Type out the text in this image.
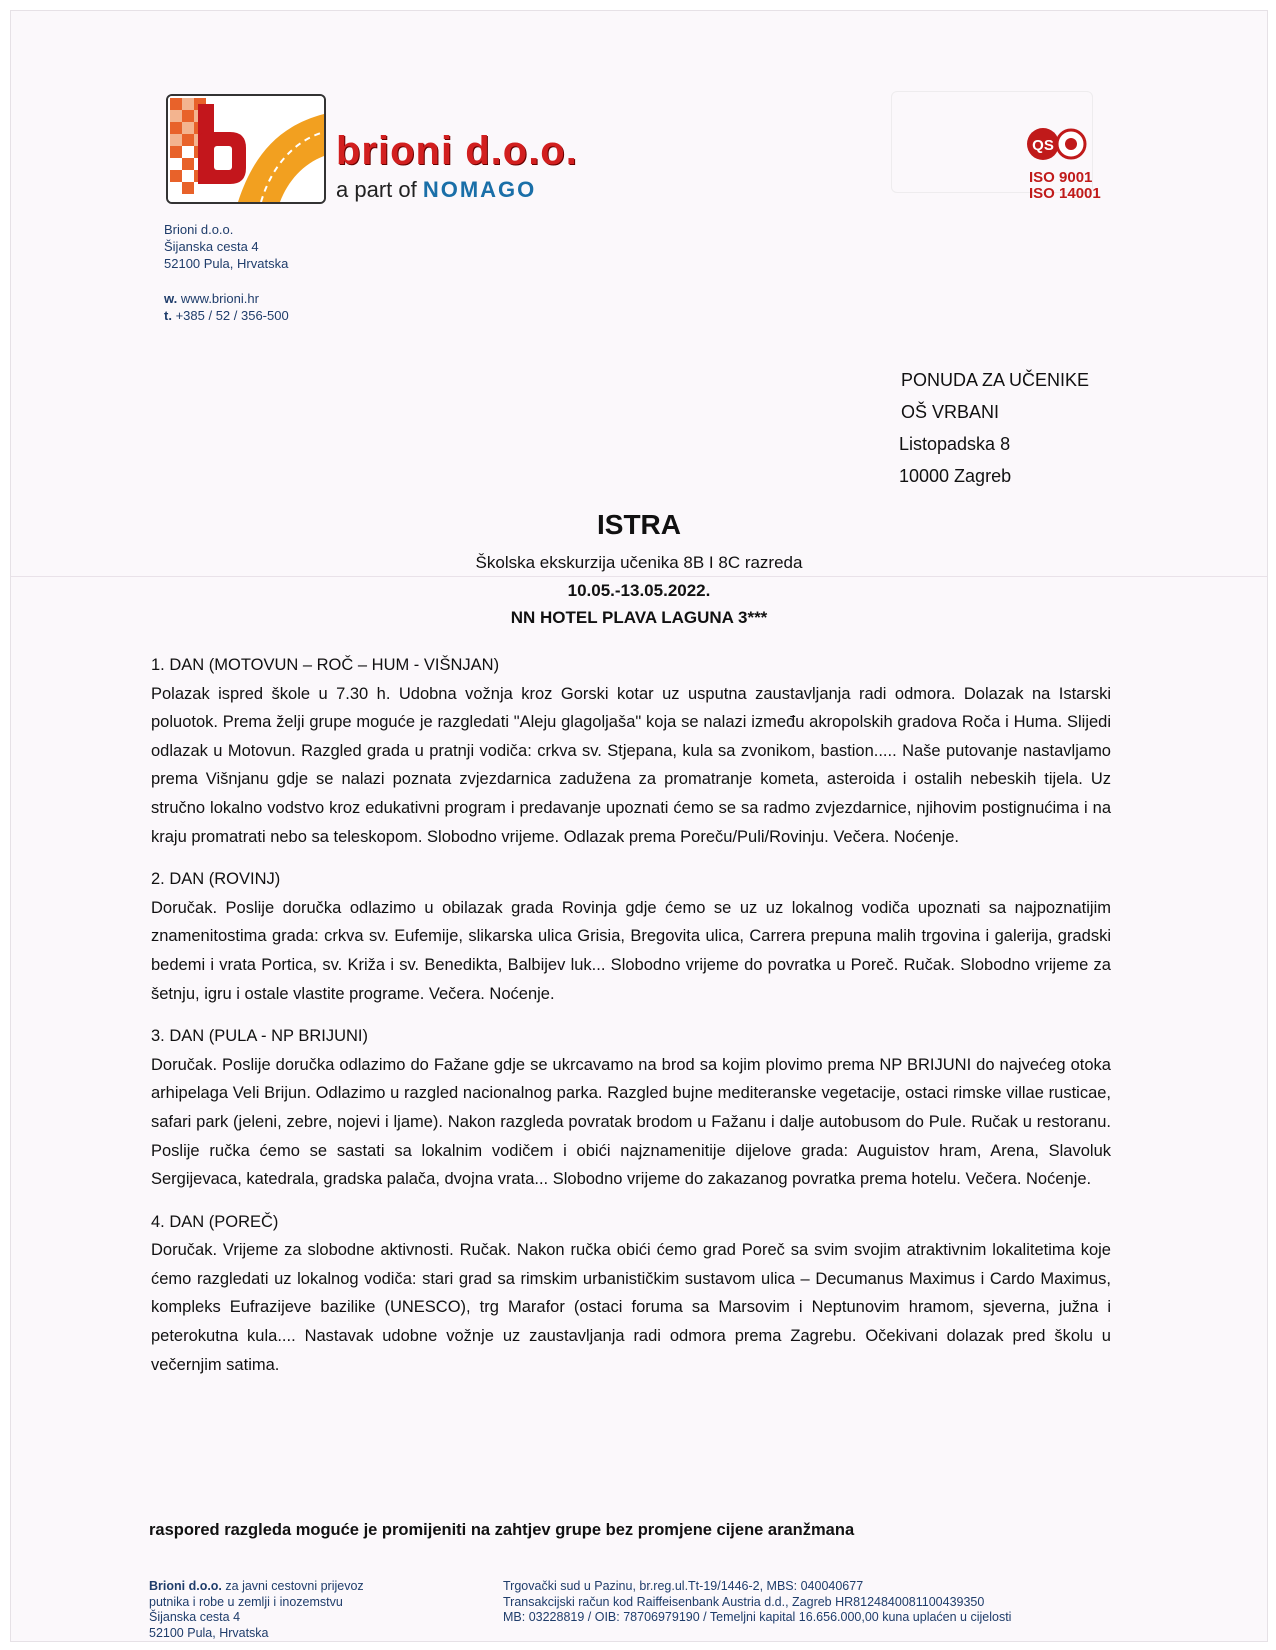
brioni d.o.o.
a part of NOMAGO
Brioni d.o.o.
Šijanska cesta 4
52100 Pula, Hrvatska
w. www.brioni.hr
t. +385 / 52 / 356-500
QS
ISO 9001
ISO 14001
PONUDA ZA UČENIKE
OŠ VRBANI
Listopadska 8
10000 Zagreb
ISTRA
Školska ekskurzija učenika 8B I 8C razreda
10.05.-13.05.2022.
NN HOTEL PLAVA LAGUNA 3***
1. DAN (MOTOVUN – ROČ – HUM - VIŠNJAN)

Polazak ispred škole u 7.30 h. Udobna vožnja kroz Gorski kotar uz usputna zaustavljanja radi odmora. Dolazak na Istarski poluotok. Prema želji grupe moguće je razgledati "Aleju glagoljaša" koja se nalazi između akropolskih gradova Roča i Huma. Slijedi odlazak u Motovun. Razgled grada u pratnji vodiča: crkva sv. Stjepana, kula sa zvonikom, bastion..... Naše putovanje nastavljamo prema Višnjanu gdje se nalazi poznata zvjezdarnica zadužena za promatranje kometa, asteroida i ostalih nebeskih tijela. Uz stručno lokalno vodstvo kroz edukativni program i predavanje upoznati ćemo se sa radmo zvjezdarnice, njihovim postignućima i na kraju promatrati nebo sa teleskopom. Slobodno vrijeme. Odlazak prema Poreču/Puli/Rovinju. Večera. Noćenje.

2. DAN (ROVINJ)

Doručak. Poslije doručka odlazimo u obilazak grada Rovinja gdje ćemo se uz uz lokalnog vodiča upoznati sa najpoznatijim znamenitostima grada: crkva sv. Eufemije, slikarska ulica Grisia, Bregovita ulica, Carrera prepuna malih trgovina i galerija, gradski bedemi i vrata Portica, sv. Križa i sv. Benedikta, Balbijev luk... Slobodno vrijeme do povratka u Poreč. Ručak. Slobodno vrijeme za šetnju, igru i ostale vlastite programe. Večera. Noćenje.

3. DAN (PULA - NP BRIJUNI)

Doručak. Poslije doručka odlazimo do Fažane gdje se ukrcavamo na brod sa kojim plovimo prema NP BRIJUNI do najvećeg otoka arhipelaga Veli Brijun. Odlazimo u razgled nacionalnog parka. Razgled bujne mediteranske vegetacije, ostaci rimske villae rusticae, safari park (jeleni, zebre, nojevi i ljame). Nakon razgleda povratak brodom u Fažanu i dalje autobusom do Pule. Ručak u restoranu. Poslije ručka ćemo se sastati sa lokalnim vodičem i obići najznamenitije dijelove grada: Auguistov hram, Arena, Slavoluk Sergijevaca, katedrala, gradska palača, dvojna vrata... Slobodno vrijeme do zakazanog povratka prema hotelu. Večera. Noćenje.

4. DAN (POREČ)

Doručak. Vrijeme za slobodne aktivnosti. Ručak. Nakon ručka obići ćemo grad Poreč sa svim svojim atraktivnim lokalitetima koje ćemo razgledati uz lokalnog vodiča: stari grad sa rimskim urbanističkim sustavom ulica – Decumanus Maximus i Cardo Maximus, kompleks Eufrazijeve bazilike (UNESCO), trg Marafor (ostaci foruma sa Marsovim i Neptunovim hramom, sjeverna, južna i peterokutna kula.... Nastavak udobne vožnje uz zaustavljanja radi odmora prema Zagrebu. Očekivani dolazak pred školu u večernjim satima.

raspored razgleda moguće je promijeniti na zahtjev grupe bez promjene cijene aranžmana
Brioni d.o.o. za javni cestovni prijevoz
putnika i robe u zemlji i inozemstvu
Šijanska cesta 4
52100 Pula, Hrvatska
Trgovački sud u Pazinu, br.reg.ul.Tt-19/1446-2, MBS: 040040677
Transakcijski račun kod Raiffeisenbank Austria d.d., Zagreb HR8124840081100439350
MB: 03228819 / OIB: 78706979190 / Temeljni kapital 16.656.000,00 kuna uplaćen u cijelosti
